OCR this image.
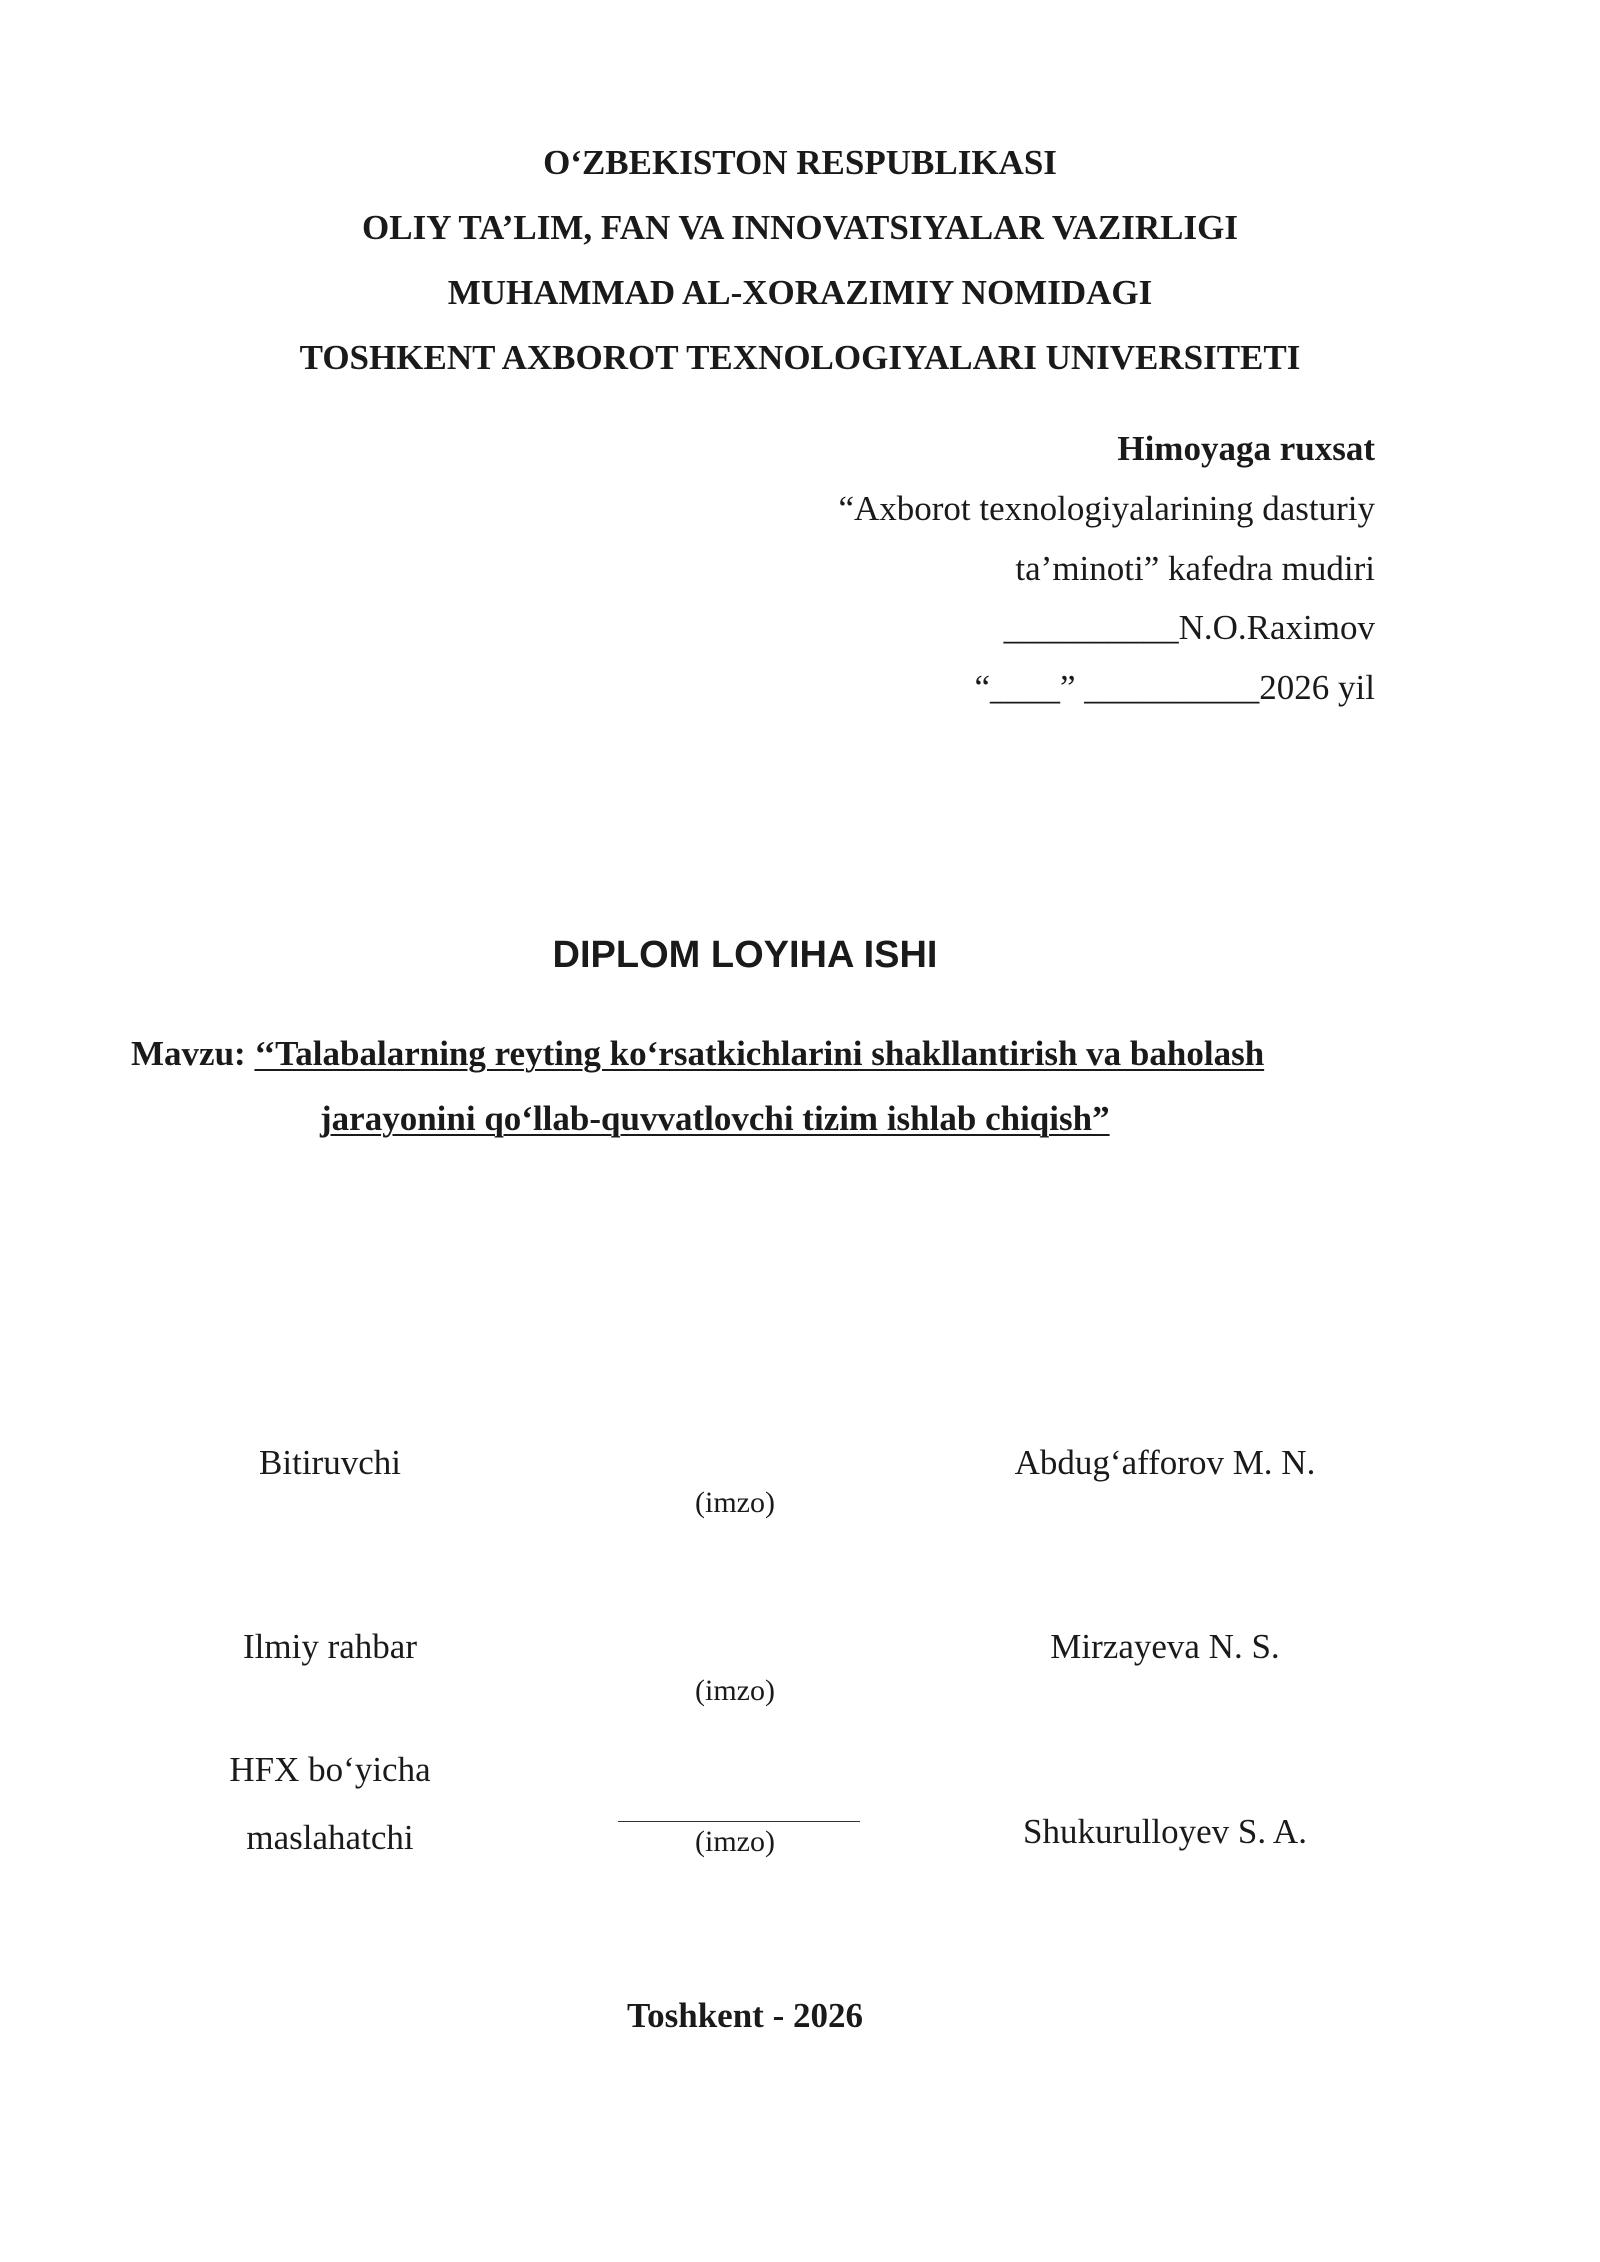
O‘ZBEKISTON RESPUBLIKASI
OLIY TA’LIM, FAN VA INNOVATSIYALAR VAZIRLIGI
MUHAMMAD AL-XORAZIMIY NOMIDAGI
TOSHKENT AXBOROT TEXNOLOGIYALARI UNIVERSITETI
Himoyaga ruxsat
“Axborot texnologiyalarining dasturiy
ta’minoti” kafedra mudiri
__________N.O.Raximov
“____” __________2026 yil
DIPLOM LOYIHA ISHI
Mavzu: ‘‘Talabalarning reyting ko‘rsatkichlarini shakllantirish va baholash
jarayonini qo‘llab-quvvatlovchi tizim ishlab chiqish”
Bitiruvchi
(imzo)
Abdug‘afforov M. N.
Ilmiy rahbar
(imzo)
Mirzayeva N. S.
HFX bo‘yicha
maslahatchi	(imzo)	Shukurulloyev S. A.
Toshkent - 2026
